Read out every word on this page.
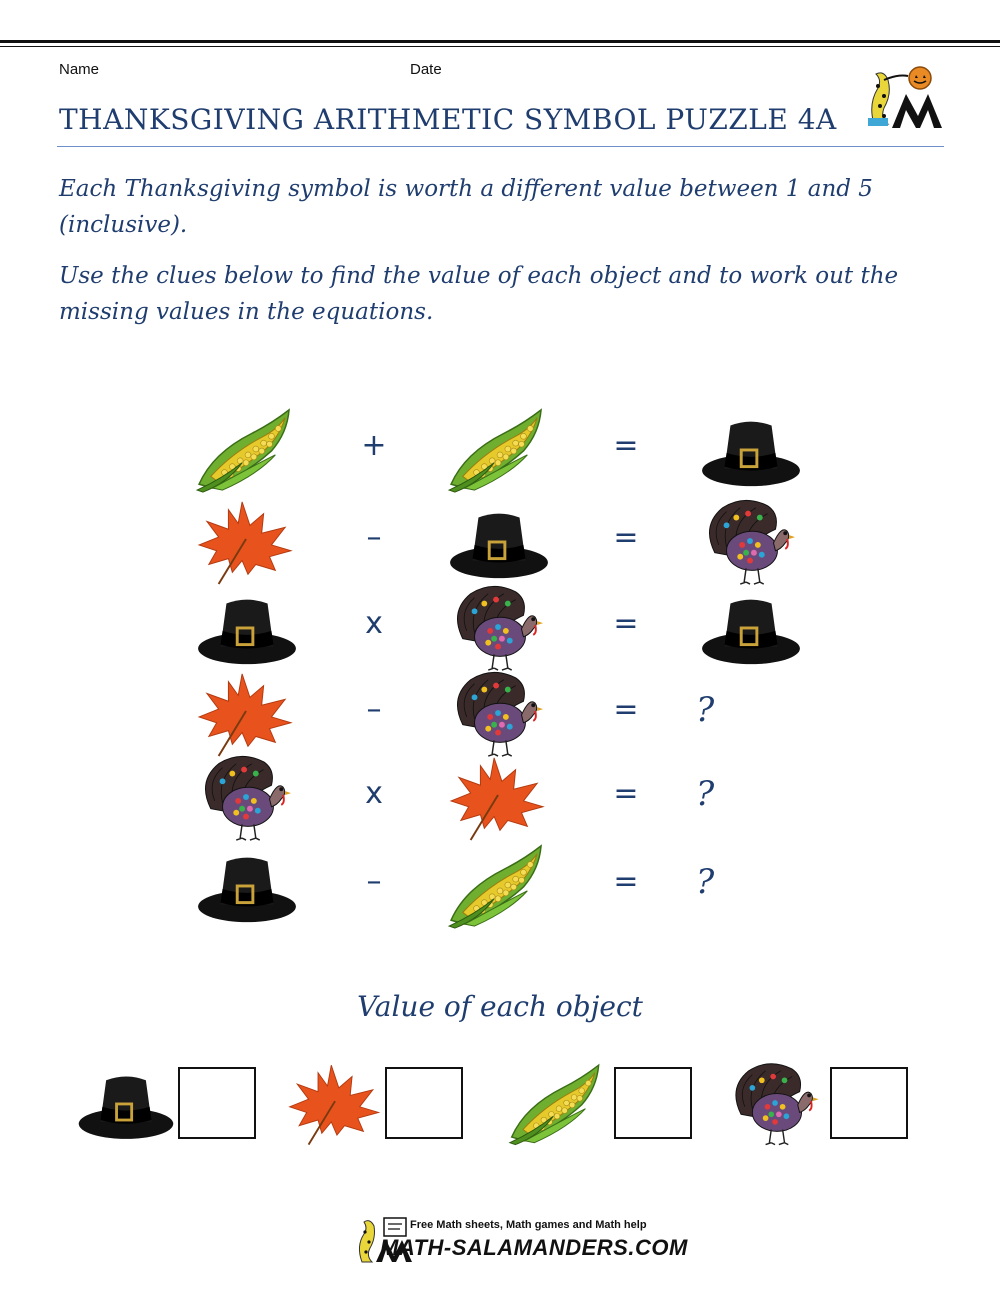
Name	Date
THANKSGIVING ARITHMETIC SYMBOL PUZZLE 4A

Each Thanksgiving symbol is worth a different value between 1 and 5 (inclusive).

Use the clues below to find the value of each object and to work out the missing values in the equations.

+	=
–	=
x	=
–	= ?
x	= ?
–	= ?
Value of each object
Free Math sheets, Math games and Math help
MATH-SALAMANDERS.COM
